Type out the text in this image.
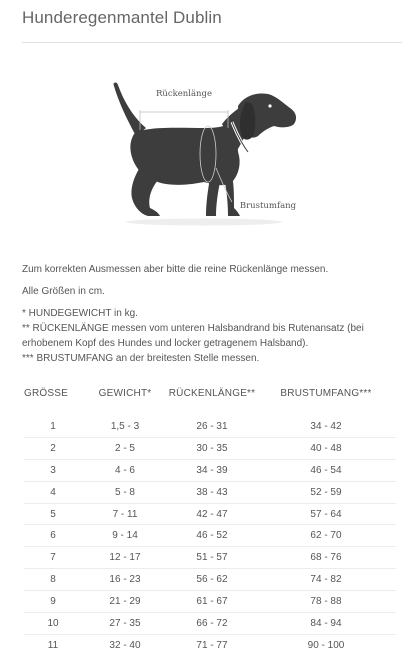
Hunderegenmantel Dublin
Rückenlänge
Brustumfang

Zum korrekten Ausmessen aber bitte die reine Rückenlänge messen.

Alle Größen in cm.

* HUNDEGEWICHT in kg.

** RÜCKENLÄNGE messen vom unteren Halsbandrand bis Rutenansatz (bei erhobenem Kopf des Hundes und locker getragenem Halsband).

*** BRUSTUMFANG an der breitesten Stelle messen.

GRÖSSE	GEWICHT*	RÜCKENLÄNGE**	BRUSTUMFANG***
1	1,5 - 3	26 - 31	34 - 42
2	2 - 5	30 - 35	40 - 48
3	4 - 6	34 - 39	46 - 54
4	5 - 8	38 - 43	52 - 59
5	7 - 11	42 - 47	57 - 64
6	9 - 14	46 - 52	62 - 70
7	12 - 17	51 - 57	68 - 76
8	16 - 23	56 - 62	74 - 82
9	21 - 29	61 - 67	78 - 88
10	27 - 35	66 - 72	84 - 94
11	32 - 40	71 - 77	90 - 100
